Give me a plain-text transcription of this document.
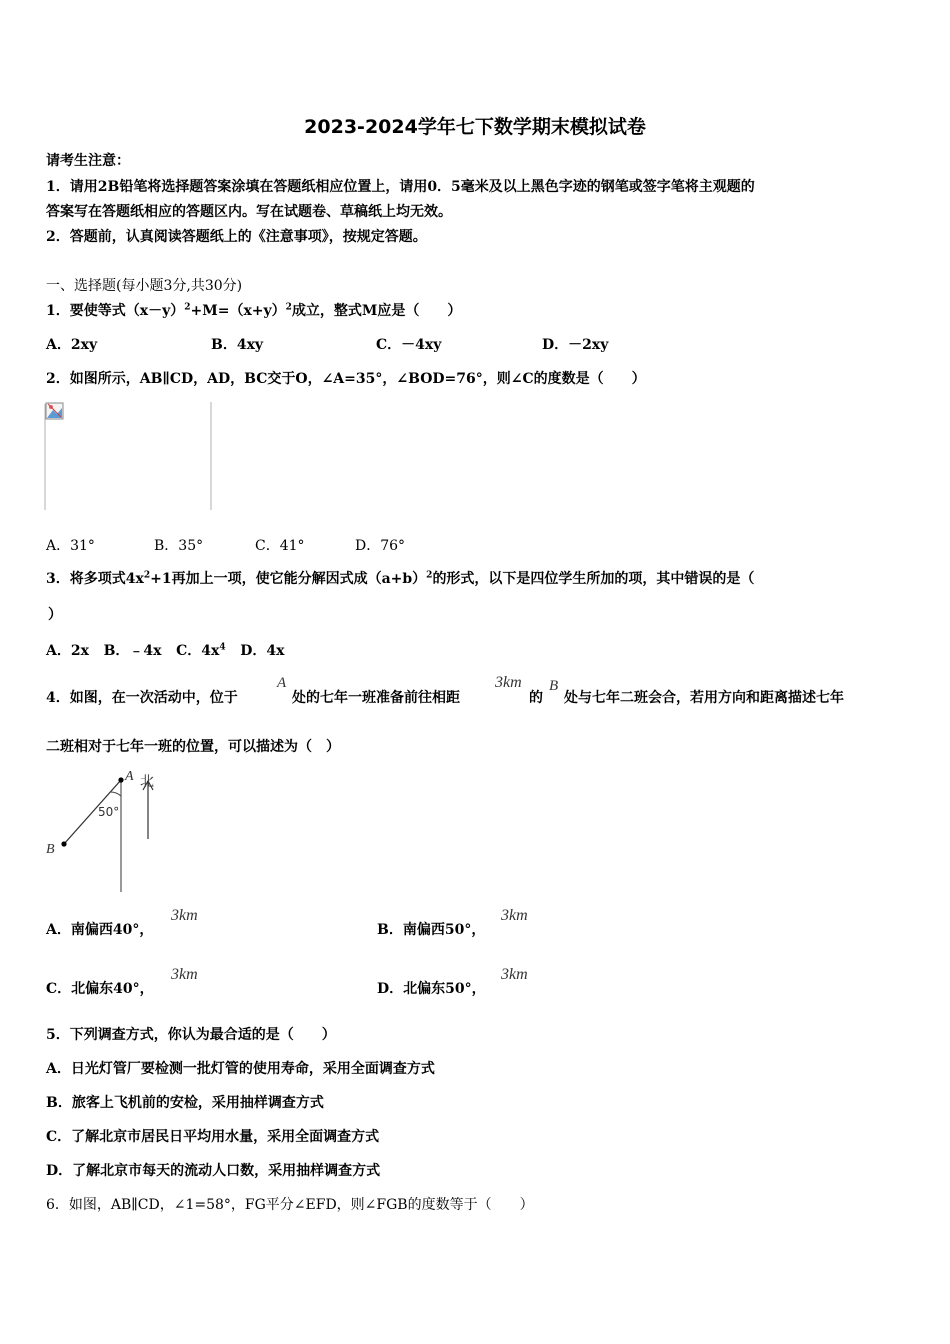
2023-2024学年七下数学期末模拟试卷
请考生注意：
1．请用2B铅笔将选择题答案涂填在答题纸相应位置上，请用0．5毫米及以上黑色字迹的钢笔或签字笔将主观题的
答案写在答题纸相应的答题区内。写在试题卷、草稿纸上均无效。
2．答题前，认真阅读答题纸上的《注意事项》，按规定答题。
一、选择题(每小题3分,共30分)
1．要使等式$(x-y)^2+M=(x+y)^2$成立，整式M应是（　　）
A．2xy	B．4xy	C．－4xy	D．－2xy
2．如图所示，AB∥CD，AD，BC交于O，∠A=35°，∠BOD=76°，则∠C的度数是（　　）
A．31°	B．35°	C．41°	D．76°
3．将多项式$4x^2+1$再加上一项，使它能分解因式成$(a+b)^2$的形式，以下是四位学生所加的项，其中错误的是（
）
A．2x B．﹣4x C．$4x^4$ D．4x
4．如图，在一次活动中，位于
A
处的七年一班准备前往相距
3km
的
B
处与七年二班会合，若用方向和距离描述七年
二班相对于七年一班的位置，可以描述为（　）
A
B
北
50°
A．南偏西40°，
3km
B．南偏西50°，
3km
C．北偏东40°，
3km
D．北偏东50°，
3km
5．下列调查方式，你认为最合适的是（　　）
A．日光灯管厂要检测一批灯管的使用寿命，采用全面调查方式
B．旅客上飞机前的安检，采用抽样调查方式
C．了解北京市居民日平均用水量，采用全面调查方式
D．了解北京市每天的流动人口数，采用抽样调查方式
6．如图，AB∥CD，∠1=58°，FG平分∠EFD，则∠FGB的度数等于（　　）
